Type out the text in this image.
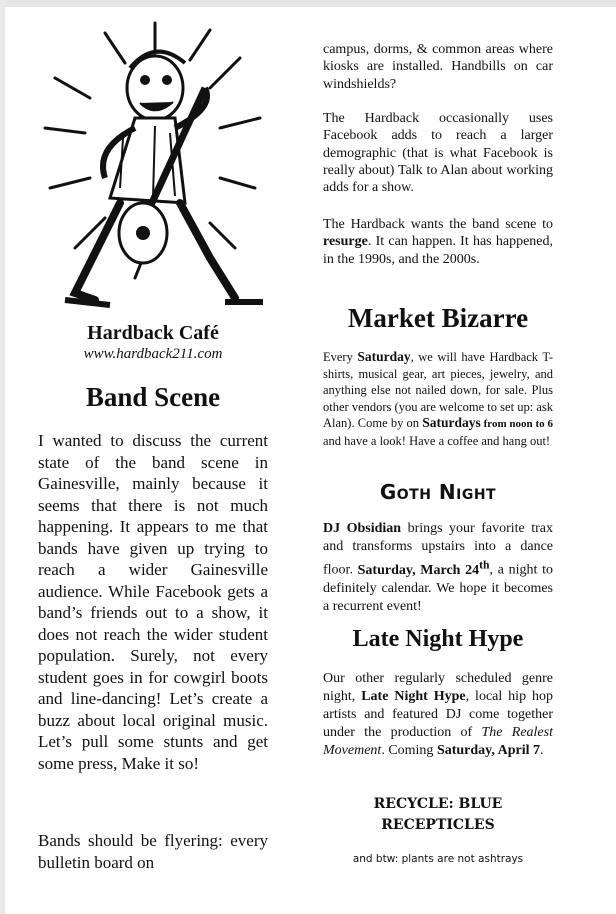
Hardback Café
www.hardback211.com
Band Scene
I wanted to discuss the current state of the band scene in Gainesville, mainly because it seems that there is not much happening. It appears to me that bands have given up trying to reach a wider Gainesville audience. While Facebook gets a band’s friends out to a show, it does not reach the wider student population. Surely, not every student goes in for cowgirl boots and line-dancing! Let’s create a buzz about local original music. Let’s pull some stunts and get some press, Make it so!
Bands should be flyering: every bulletin board on
campus, dorms, & common areas where kiosks are installed. Handbills on car windshields?
The Hardback occasionally uses Facebook adds to reach a larger demographic (that is what Facebook is really about) Talk to Alan about working adds for a show.
The Hardback wants the band scene to resurge. It can happen. It has happened, in the 1990s, and the 2000s.
Market Bizarre
Every Saturday, we will have Hardback T-shirts, musical gear, art pieces, jewelry, and anything else not nailed down, for sale. Plus other vendors (you are welcome to set up: ask Alan). Come by on Saturdays from noon to 6 and have a look! Have a coffee and hang out!
Goth Night
DJ Obsidian brings your favorite trax and transforms upstairs into a dance floor. Saturday, March 24th, a night to definitely calendar. We hope it becomes a recurrent event!
Late Night Hype
Our other regularly scheduled genre night, Late Night Hype, local hip hop artists and featured DJ come together under the production of The Realest Movement. Coming Saturday, April 7.
RECYCLE: BLUE
RECEPTICLES
and btw: plants are not ashtrays
